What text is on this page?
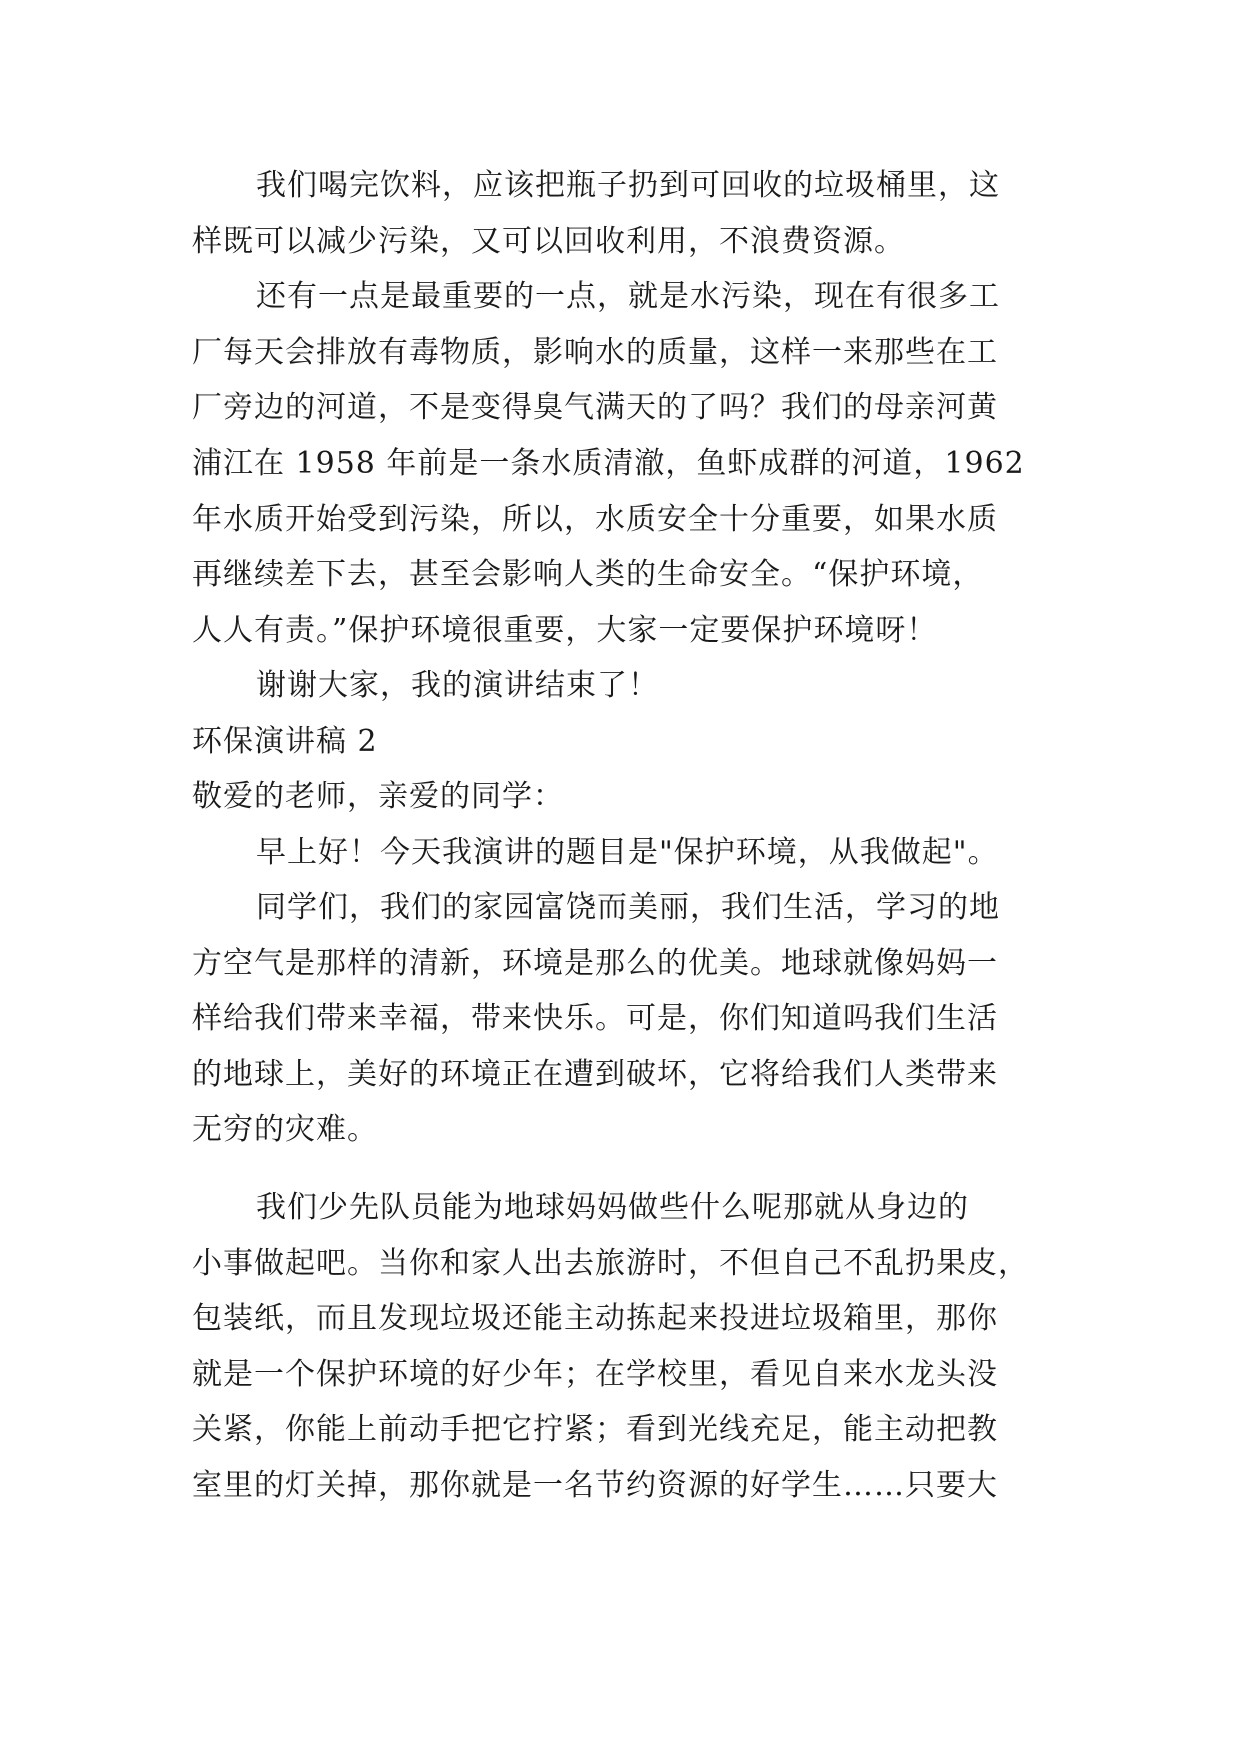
我们喝完饮料，应该把瓶子扔到可回收的垃圾桶里，这
样既可以减少污染，又可以回收利用，不浪费资源。
还有一点是最重要的一点，就是水污染，现在有很多工
厂每天会排放有毒物质，影响水的质量，这样一来那些在工
厂旁边的河道，不是变得臭气满天的了吗？我们的母亲河黄
浦江在 1958 年前是一条水质清澈，鱼虾成群的河道，1962
年水质开始受到污染，所以，水质安全十分重要，如果水质
再继续差下去，甚至会影响人类的生命安全。“保护环境，
人人有责。”保护环境很重要，大家一定要保护环境呀！
谢谢大家，我的演讲结束了！
环保演讲稿 2
敬爱的老师，亲爱的同学：
早上好！今天我演讲的题目是"保护环境，从我做起"。
同学们，我们的家园富饶而美丽，我们生活，学习的地
方空气是那样的清新，环境是那么的优美。地球就像妈妈一
样给我们带来幸福，带来快乐。可是，你们知道吗我们生活
的地球上，美好的环境正在遭到破坏，它将给我们人类带来
无穷的灾难。
我们少先队员能为地球妈妈做些什么呢那就从身边的
小事做起吧。当你和家人出去旅游时，不但自己不乱扔果皮，
包装纸，而且发现垃圾还能主动拣起来投进垃圾箱里，那你
就是一个保护环境的好少年；在学校里，看见自来水龙头没
关紧，你能上前动手把它拧紧；看到光线充足，能主动把教
室里的灯关掉，那你就是一名节约资源的好学生……只要大
